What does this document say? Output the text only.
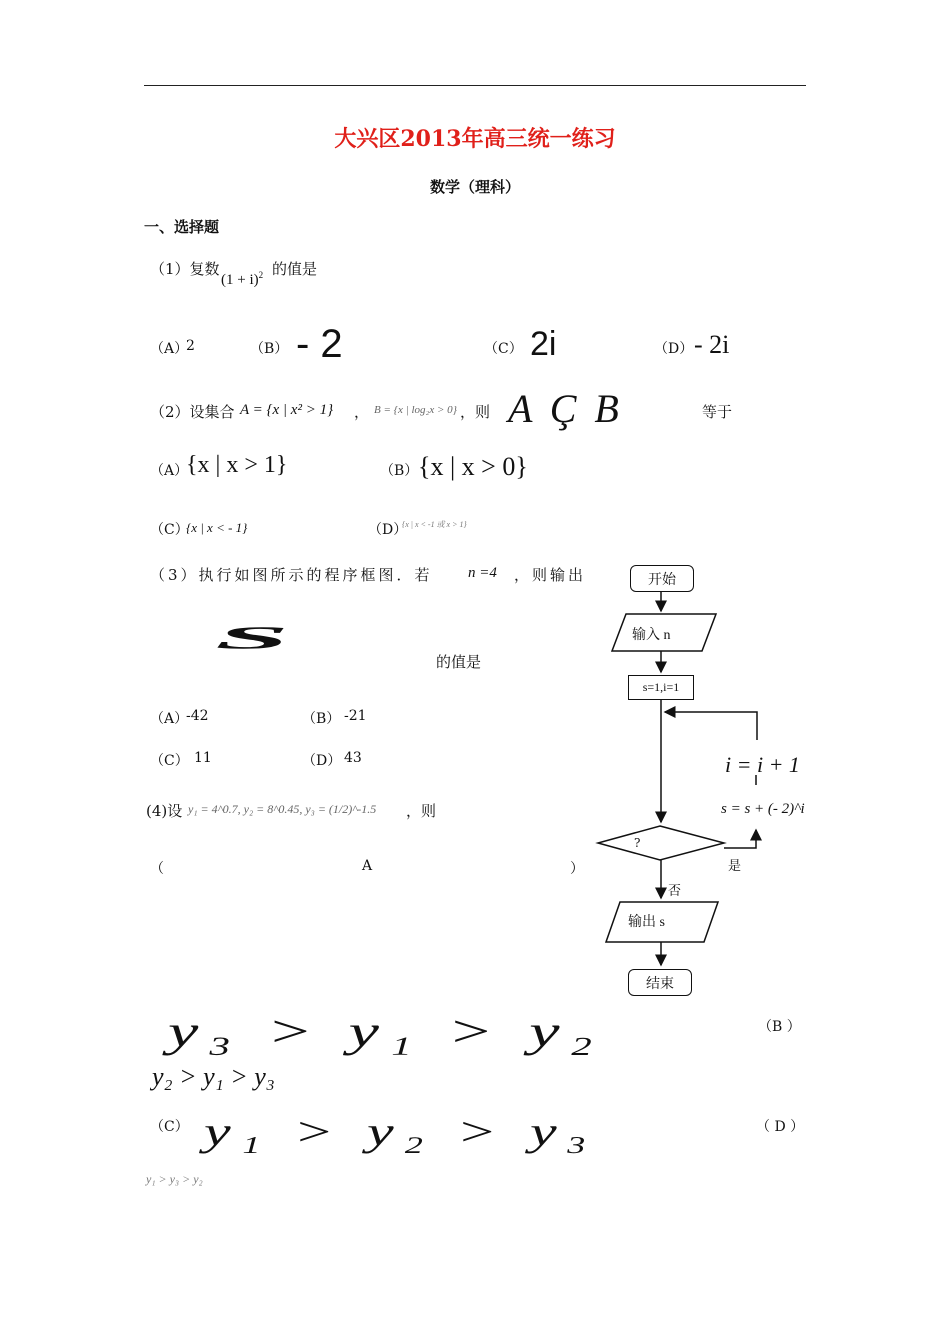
大兴区2013年高三统一练习
数学（理科）
一、选择题
（1）复数
$(1 + i)^2$ 的值是
（A）
2	（B） - 2	（C） 2i	（D） - 2i
（2）设集合 A = {x | x² > 1} ， B = {x | log₂x > 0} ，则 A Ç B	等于
（A）
{x | x > 1}	（B） {x | x > 0}
（C）
{x | x < - 1}	（D）
{x | x < -1 或 x > 1}
（3）执行如图所示的程序框图．若 n =4 ，则输出
S
的值是
（A）
-42	（B） -21
（C） 11	（D） 43
(4)设 y₁ = 4^0.7, y₂ = 8^0.45, y₃ = (1/2)^-1.5 ，则
（	A	）
y₃ > y₁ > y₂	（B ）
y₂ > y₁ > y₃
（C） y₁ > y₂ > y₃	（ D ）
y₁ > y₃ > y₂
开始
输入 n
s=1,i=1
i = i + 1
s = s + (- 2)^i
?
是
否
输出 s
结束
